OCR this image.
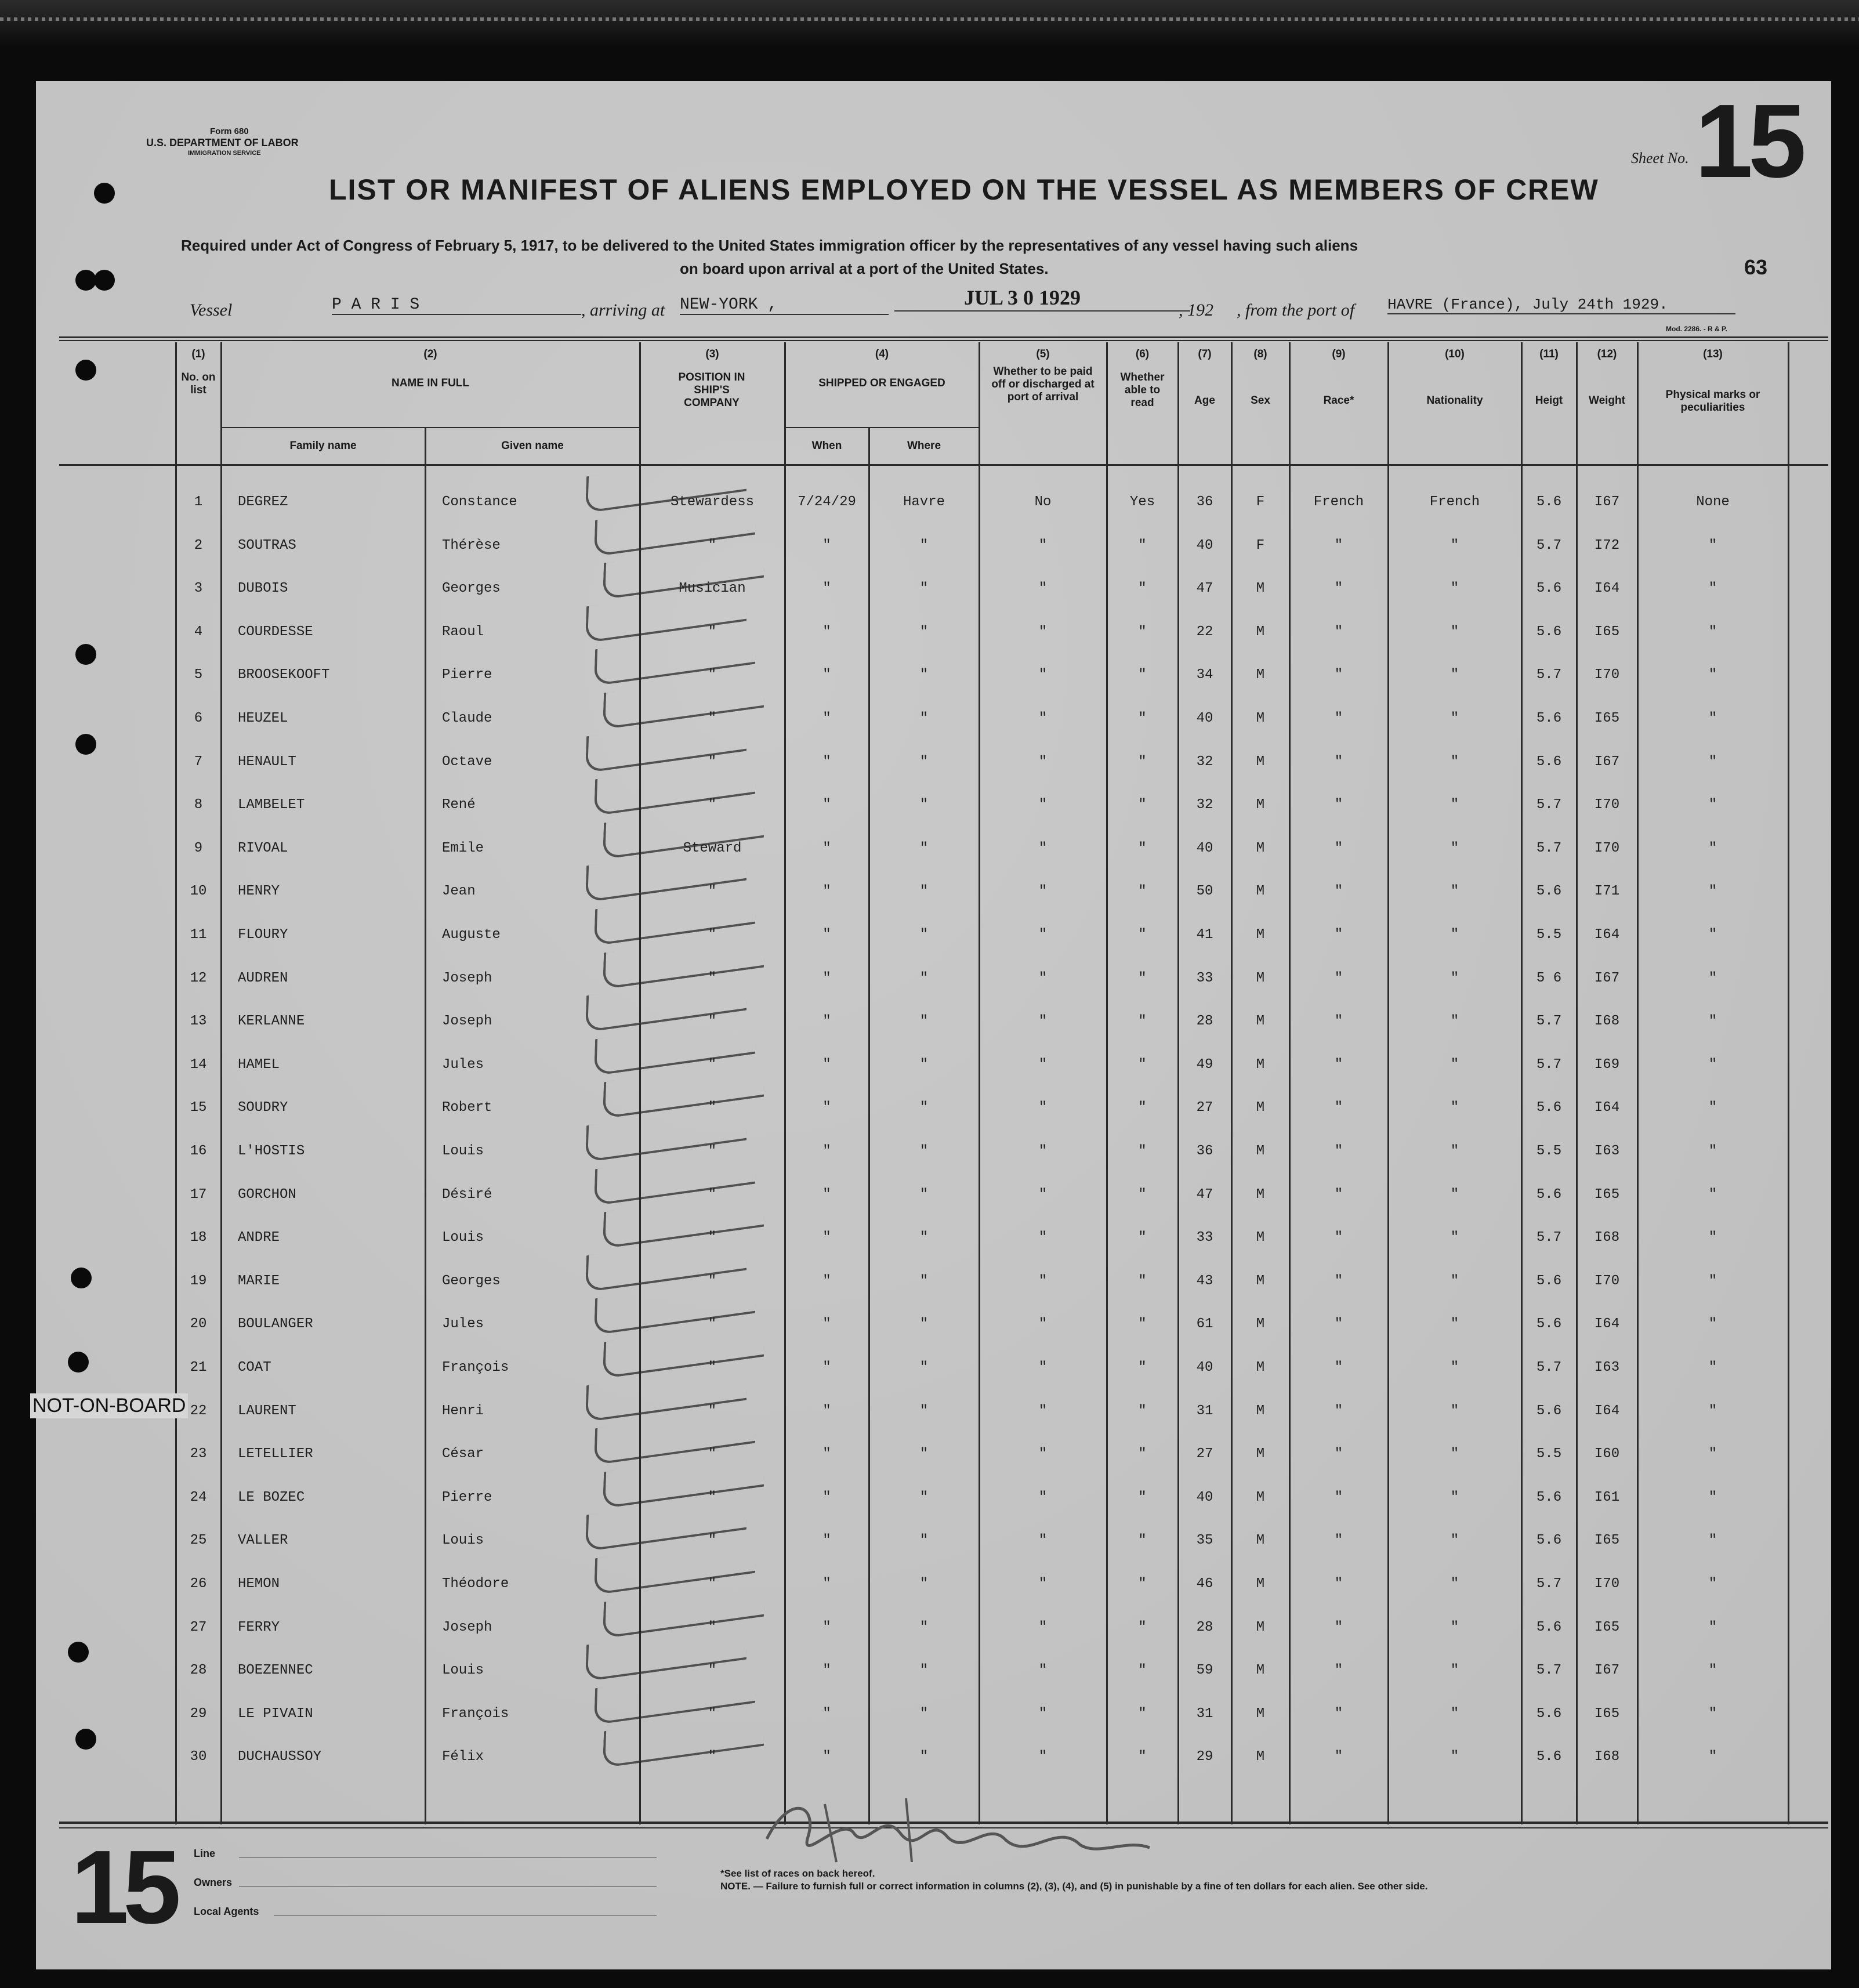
Form 680
U.S. DEPARTMENT OF LABOR
IMMIGRATION SERVICE	Sheet No. 15
LIST OR MANIFEST OF ALIENS EMPLOYED ON THE VESSEL AS MEMBERS OF CREW
Required under Act of Congress of February 5, 1917, to be delivered to the United States immigration officer by the representatives of any vessel having such aliens
on board upon arrival at a port of the United States.	63
Vessel	P A R I S	, arriving at NEW-YORK ,	JUL 3 0 1929
, 192 , from the port of HAVRE (France), July 24th 1929.
Mod. 2286. - R & P.
(1)
No. on list
(2)
NAME IN FULL
Family name	Given name
(3)
POSITION IN SHIP'S COMPANY
(4)
SHIPPED OR ENGAGED
When	Where
(5)
Whether to be paid off or discharged at port of arrival
(6)
Whether able to read
(7)
Age
(8)
Sex
(9)
Race*
(10)
Nationality
(11)
Heigt
(12)
Weight
(13)
Physical marks or peculiarities
1	DEGREZ	Constance	Stewardess	7/24/29	Havre	No	Yes	36	F	French	French	5.6	I67	None
2	SOUTRAS	Thérèse	"	"	"	"	"	40	F	"	"	5.7	I72	"
3	DUBOIS	Georges	Musician	"	"	"	"	47	M	"	"	5.6	I64	"
4	COURDESSE	Raoul	"	"	"	"	"	22	M	"	"	5.6	I65	"
5	BROOSEKOOFT	Pierre	"	"	"	"	"	34	M	"	"	5.7	I70	"
6	HEUZEL	Claude	"	"	"	"	"	40	M	"	"	5.6	I65	"
7	HENAULT	Octave	"	"	"	"	"	32	M	"	"	5.6	I67	"
8	LAMBELET	René	"	"	"	"	"	32	M	"	"	5.7	I70	"
9	RIVOAL	Emile	Steward	"	"	"	"	40	M	"	"	5.7	I70	"
10	HENRY	Jean	"	"	"	"	"	50	M	"	"	5.6	I71	"
11	FLOURY	Auguste	"	"	"	"	"	41	M	"	"	5.5	I64	"
12	AUDREN	Joseph	"	"	"	"	"	33	M	"	"	5 6	I67	"
13	KERLANNE	Joseph	"	"	"	"	"	28	M	"	"	5.7	I68	"
14	HAMEL	Jules	"	"	"	"	"	49	M	"	"	5.7	I69	"
15	SOUDRY	Robert	"	"	"	"	"	27	M	"	"	5.6	I64	"
16	L'HOSTIS	Louis	"	"	"	"	"	36	M	"	"	5.5	I63	"
17	GORCHON	Désiré	"	"	"	"	"	47	M	"	"	5.6	I65	"
18	ANDRE	Louis	"	"	"	"	"	33	M	"	"	5.7	I68	"
19	MARIE	Georges	"	"	"	"	"	43	M	"	"	5.6	I70	"
20	BOULANGER	Jules	"	"	"	"	"	61	M	"	"	5.6	I64	"
21	COAT	François	"	"	"	"	"	40	M	"	"	5.7	I63	"
22	LAURENT	Henri	"	"	"	"	"	31	M	"	"	5.6	I64	"
23	LETELLIER	César	"	"	"	"	"	27	M	"	"	5.5	I60	"
24	LE BOZEC	Pierre	"	"	"	"	"	40	M	"	"	5.6	I61	"
25	VALLER	Louis	"	"	"	"	"	35	M	"	"	5.6	I65	"
26	HEMON	Théodore	"	"	"	"	"	46	M	"	"	5.7	I70	"
27	FERRY	Joseph	"	"	"	"	"	28	M	"	"	5.6	I65	"
28	BOEZENNEC	Louis	"	"	"	"	"	59	M	"	"	5.7	I67	"
29	LE PIVAIN	François	"	"	"	"	"	31	M	"	"	5.6	I65	"
30	DUCHAUSSOY	Félix	"	"	"	"	"	29	M	"	"	5.6	I68	"
NOT-ON-BOARD
15 Line
Owners
Local Agents
*See list of races on back hereof.
NOTE. — Failure to furnish full or correct information in columns (2), (3), (4), and (5) in punishable by a fine of ten dollars for each alien. See other side.
